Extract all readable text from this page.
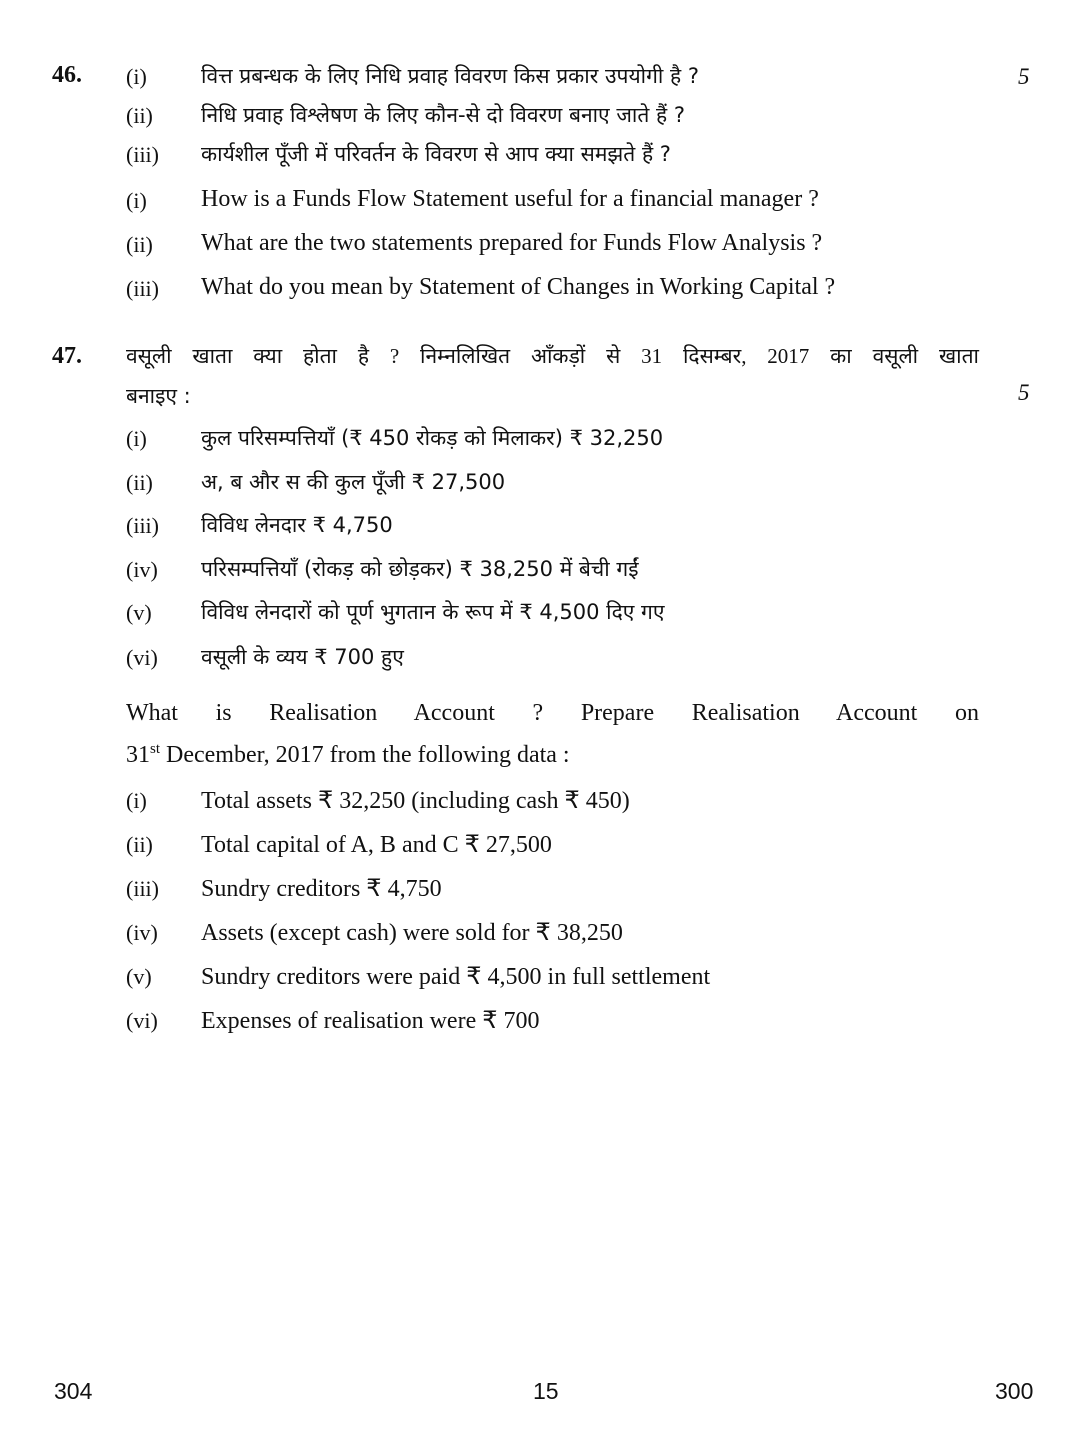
46.	5
(i)	वित्त प्रबन्धक के लिए निधि प्रवाह विवरण किस प्रकार उपयोगी है ?
(ii) निधि प्रवाह विश्लेषण के लिए कौन-से दो विवरण बनाए जाते हैं ?
(iii) कार्यशील पूँजी में परिवर्तन के विवरण से आप क्या समझते हैं ?
(i) How is a Funds Flow Statement useful for a financial manager ?
(ii) What are the two statements prepared for Funds Flow Analysis ?
(iii) What do you mean by Statement of Changes in Working Capital ?
47.
5
वसूली खाता क्या होता है ? निम्नलिखित आँकड़ों से 31 दिसम्बर, 2017 का वसूली खाता
बनाइए :
(i)	कुल परिसम्पत्तियाँ (₹ 450 रोकड़ को मिलाकर) ₹ 32,250
(ii) अ, ब और स की कुल पूँजी ₹ 27,500
(iii) विविध लेनदार ₹ 4,750
(iv) परिसम्पत्तियाँ (रोकड़ को छोड़कर) ₹ 38,250 में बेची गईं
(v) विविध लेनदारों को पूर्ण भुगतान के रूप में ₹ 4,500 दिए गए
(vi) वसूली के व्यय ₹ 700 हुए
What is Realisation Account ? Prepare Realisation Account on
31st December, 2017 from the following data :
(i) Total assets ₹ 32,250 (including cash ₹ 450)
(ii) Total capital of A, B and C ₹ 27,500
(iii) Sundry creditors ₹ 4,750
(iv) Assets (except cash) were sold for ₹ 38,250
(v) Sundry creditors were paid ₹ 4,500 in full settlement
(vi) Expenses of realisation were ₹ 700
304	15	300
